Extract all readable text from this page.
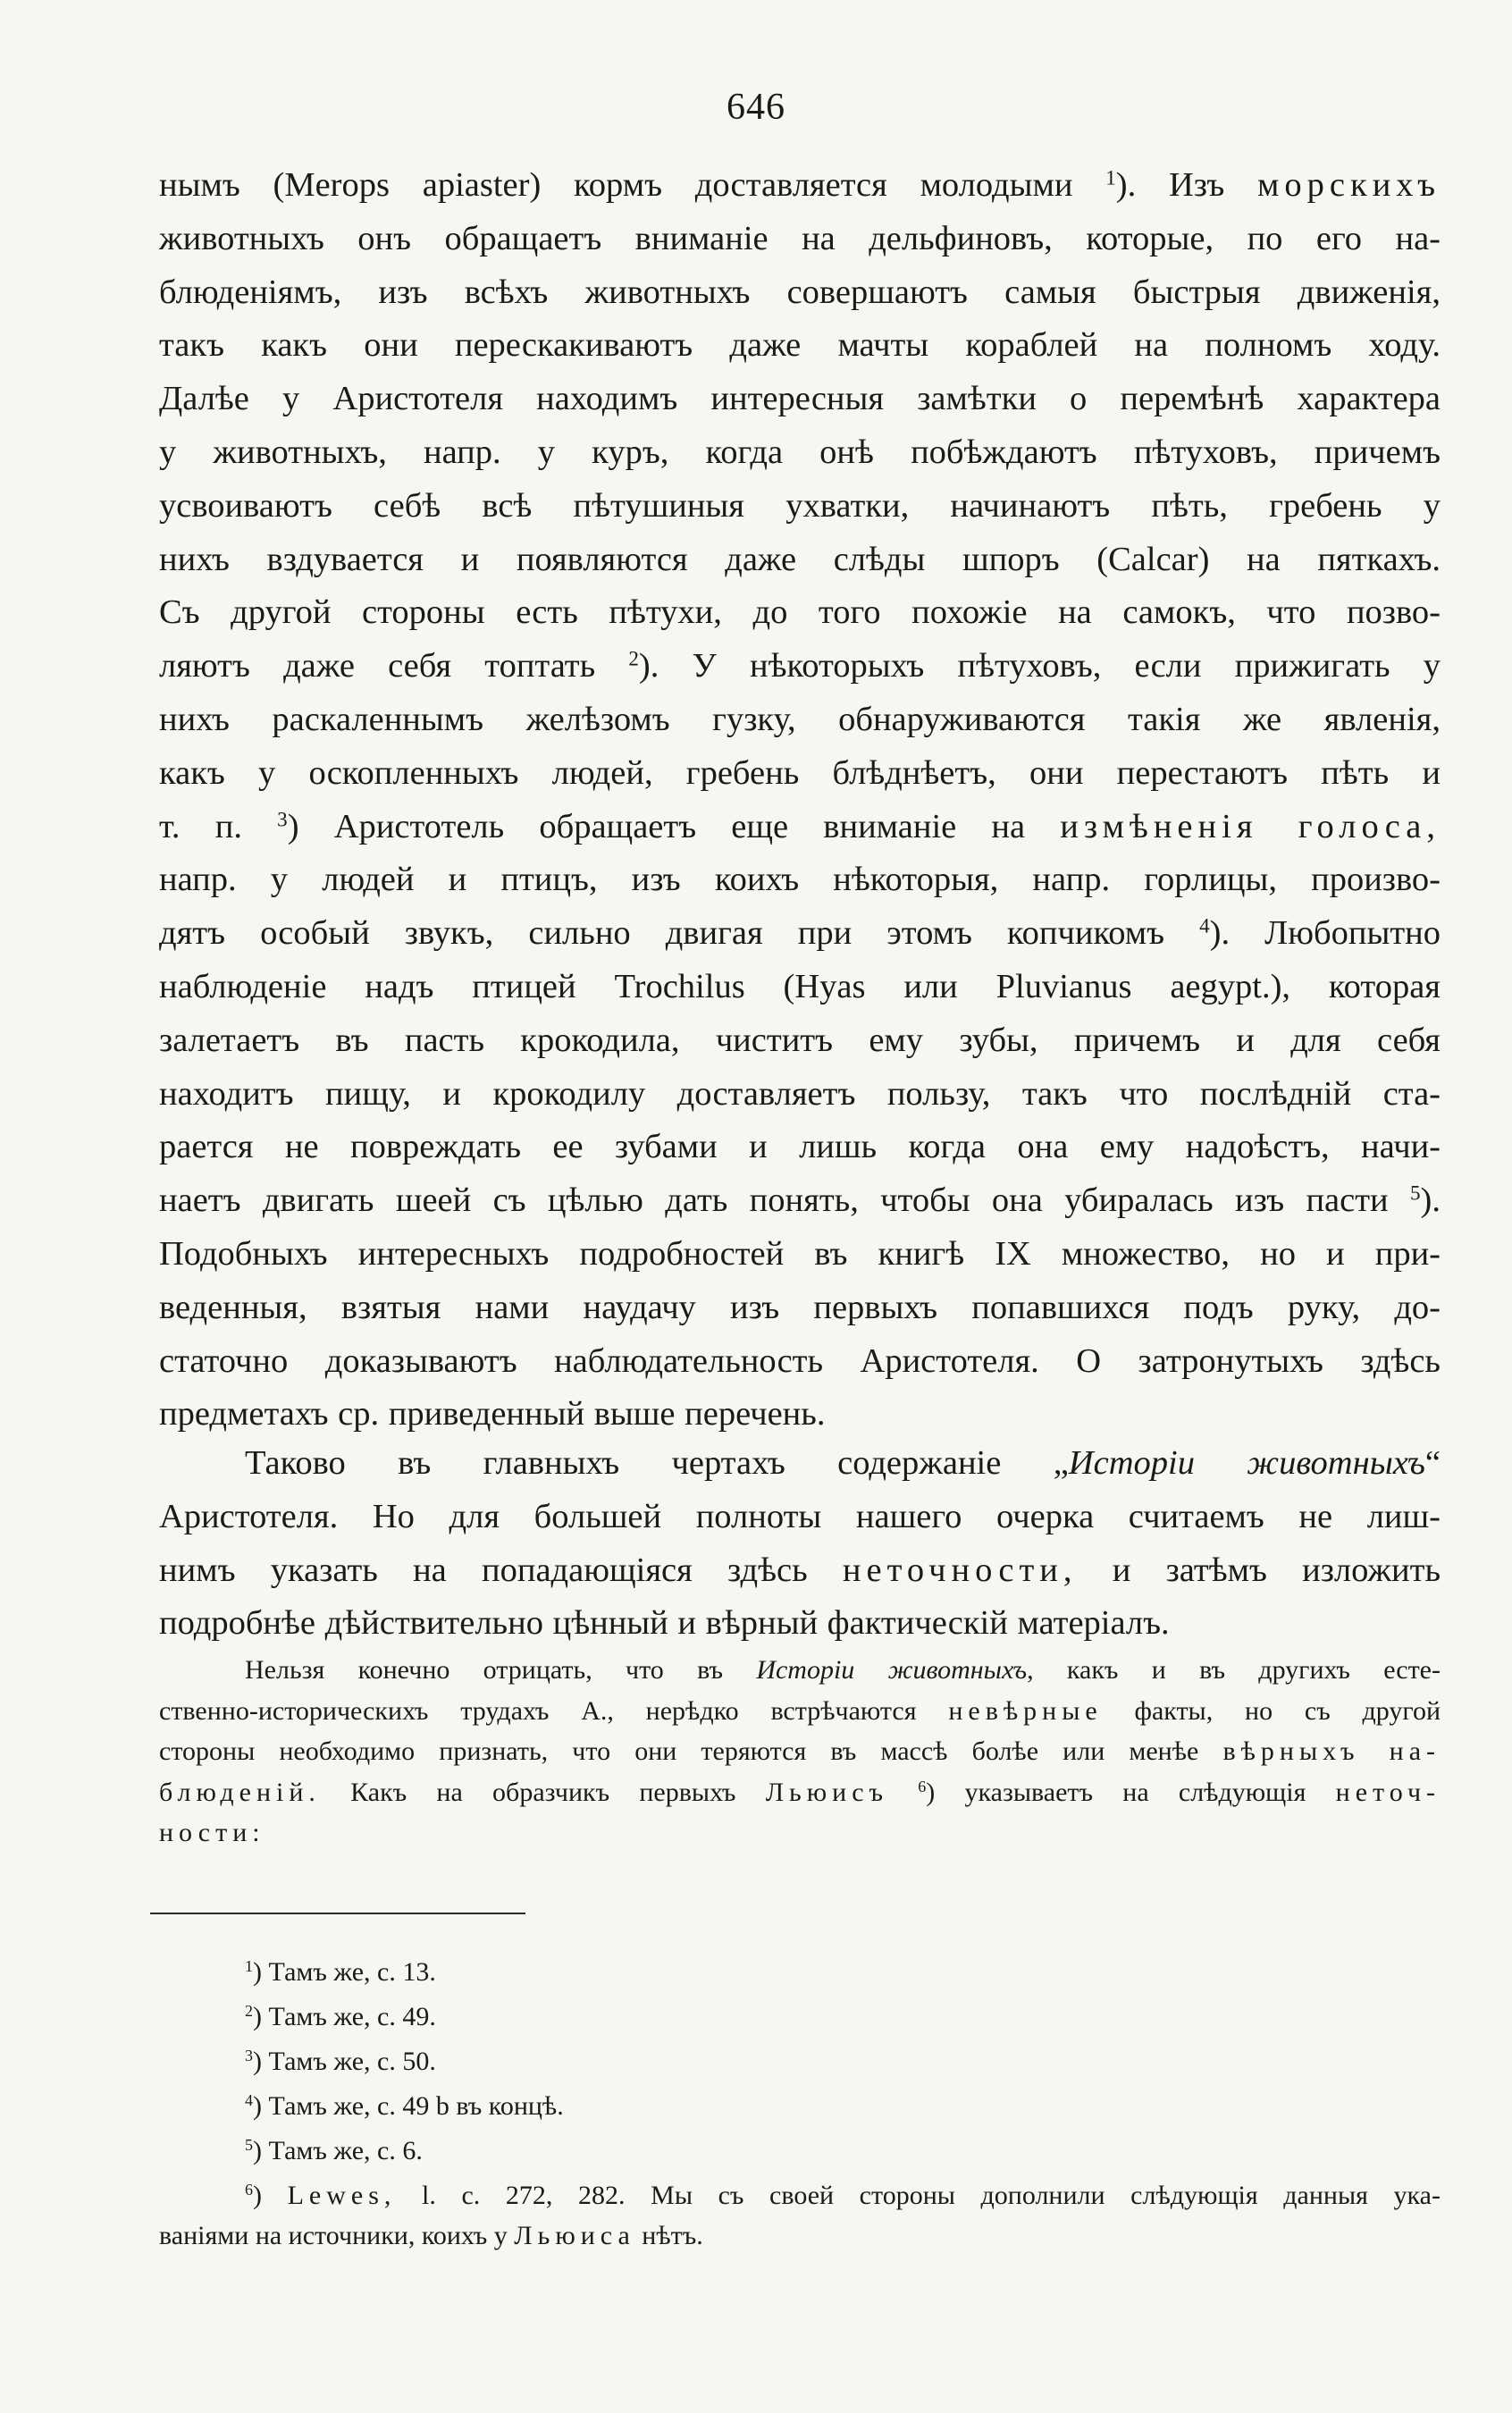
646
нымъ (Merops apiaster) кормъ доставляется молодыми $^1$). Изъ морскихъ
животныхъ онъ обращаетъ вниманіе на дельфиновъ, которые, по его на-
блюденіямъ, изъ всѣхъ животныхъ совершаютъ самыя быстрыя движенія,
такъ какъ они перескакиваютъ даже мачты кораблей на полномъ ходу.
Далѣе у Аристотеля находимъ интересныя замѣтки о перемѣнѣ характера
у животныхъ, напр. у куръ, когда онѣ побѣждаютъ пѣтуховъ, причемъ
усвоиваютъ себѣ всѣ пѣтушиныя ухватки, начинаютъ пѣть, гребень у
нихъ вздувается и появляются даже слѣды шпоръ (Calcar) на пяткахъ.
Съ другой стороны есть пѣтухи, до того похожіе на самокъ, что позво-
ляютъ даже себя топтать $^2$). У нѣкоторыхъ пѣтуховъ, если прижигать у
нихъ раскаленнымъ желѣзомъ гузку, обнаруживаются такія же явленія,
какъ у оскопленныхъ людей, гребень блѣднѣетъ, они перестаютъ пѣть и
т. п. $^3$) Аристотель обращаетъ еще вниманіе на измѣненія голоса,
напр. у людей и птицъ, изъ коихъ нѣкоторыя, напр. горлицы, произво-
дятъ особый звукъ, сильно двигая при этомъ копчикомъ $^4$). Любопытно
наблюденіе надъ птицей Trochilus (Hyas или Pluvianus aegypt.), которая
залетаетъ въ пасть крокодила, чиститъ ему зубы, причемъ и для себя
находитъ пищу, и крокодилу доставляетъ пользу, такъ что послѣдній ста-
рается не повреждать ее зубами и лишь когда она ему надоѣстъ, начи-
наетъ двигать шеей съ цѣлью дать понять, чтобы она убиралась изъ пасти $^5$).
Подобныхъ интересныхъ подробностей въ книгѣ IX множество, но и при-
веденныя, взятыя нами наудачу изъ первыхъ попавшихся подъ руку, до-
статочно доказываютъ наблюдательность Аристотеля. О затронутыхъ здѣсь
предметахъ ср. приведенный выше перечень.
Таково въ главныхъ чертахъ содержаніе „Исторіи животныхъ“
Аристотеля. Но для большей полноты нашего очерка считаемъ не лиш-
нимъ указать на попадающіяся здѣсь неточности, и затѣмъ изложить
подробнѣе дѣйствительно цѣнный и вѣрный фактическій матеріалъ.
Нельзя конечно отрицать, что въ Исторіи животныхъ, какъ и въ другихъ есте-
ственно-историческихъ трудахъ А., нерѣдко встрѣчаются невѣрные факты, но съ другой
стороны необходимо признать, что они теряются въ массѣ болѣе или менѣе вѣрныхъ на-
блюденій. Какъ на образчикъ первыхъ Льюисъ $^6$) указываетъ на слѣдующія неточ-
ности:
$^1$) Тамъ же, с. 13.
$^2$) Тамъ же, с. 49.
$^3$) Тамъ же, с. 50.
$^4$) Тамъ же, с. 49 b въ концѣ.
$^5$) Тамъ же, с. 6.
$^6$) Lewes, l. c. 272, 282. Мы съ своей стороны дополнили слѣдующія данныя ука-
ваніями на источники, коихъ у Льюиса нѣтъ.
